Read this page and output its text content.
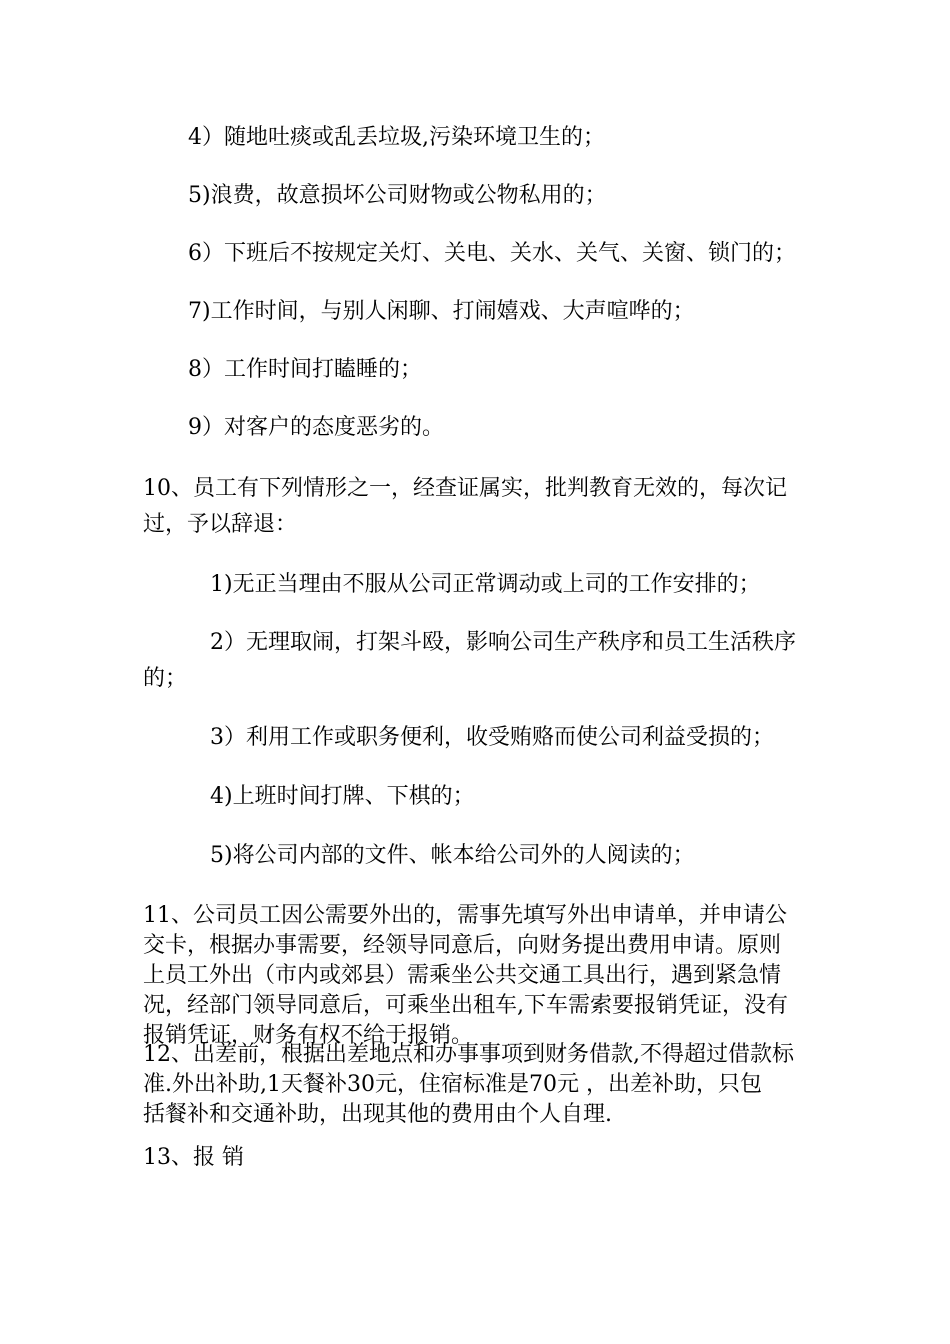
4）随地吐痰或乱丢垃圾,污染环境卫生的；
5)浪费，故意损坏公司财物或公物私用的；
6）下班后不按规定关灯、关电、关水、关气、关窗、锁门的；
7)工作时间，与别人闲聊、打闹嬉戏、大声喧哗的；
8）工作时间打瞌睡的；
9）对客户的态度恶劣的。
10、员工有下列情形之一，经查证属实，批判教育无效的，每次记
过，予以辞退：
1)无正当理由不服从公司正常调动或上司的工作安排的；
2）无理取闹，打架斗殴，影响公司生产秩序和员工生活秩序
的；
3）利用工作或职务便利，收受贿赂而使公司利益受损的；
4)上班时间打牌、下棋的；
5)将公司内部的文件、帐本给公司外的人阅读的；
11、公司员工因公需要外出的，需事先填写外出申请单，并申请公
交卡，根据办事需要，经领导同意后，向财务提出费用申请。原则
上员工外出（市内或郊县）需乘坐公共交通工具出行，遇到紧急情
况，经部门领导同意后，可乘坐出租车,下车需索要报销凭证，没有
报销凭证，财务有权不给于报销。
12、出差前，根据出差地点和办事事项到财务借款,不得超过借款标
准.外出补助,1天餐补30元，住宿标准是70元 ，出差补助，只包
括餐补和交通补助，出现其他的费用由个人自理.
13、报 销
